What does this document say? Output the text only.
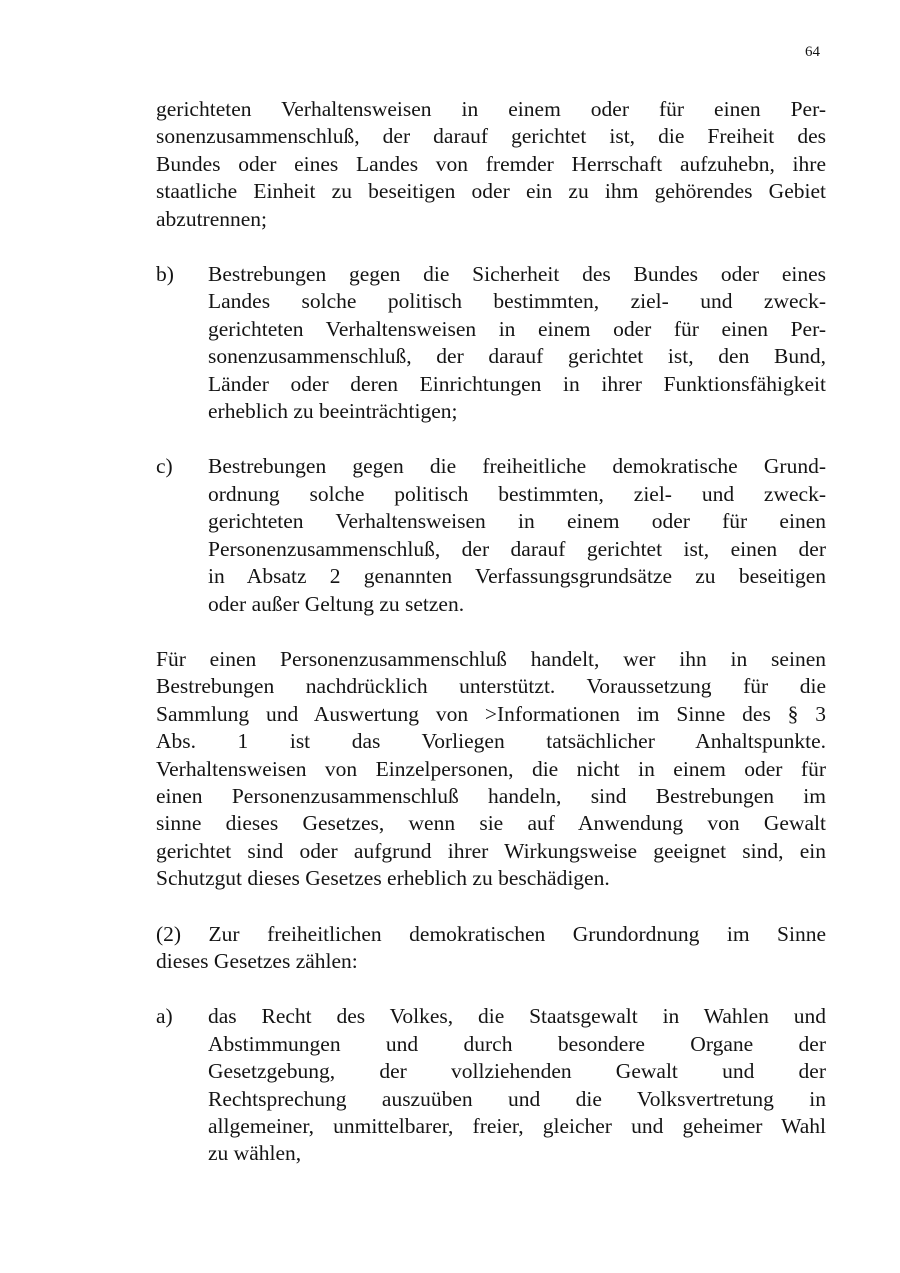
64

gerichteten Verhaltensweisen in einem oder für einen Per-
sonenzusammenschluß, der darauf gerichtet ist, die Freiheit des
Bundes oder eines Landes von fremder Herrschaft aufzuhebn, ihre
staatliche Einheit zu beseitigen oder ein zu ihm gehörendes Gebiet
abzutrennen;

b)	Bestrebungen gegen die Sicherheit des Bundes oder eines
Landes solche politisch bestimmten, ziel- und zweck-
gerichteten Verhaltensweisen in einem oder für einen Per-
sonenzusammenschluß, der darauf gerichtet ist, den Bund,
Länder oder deren Einrichtungen in ihrer Funktionsfähigkeit
erheblich zu beeinträchtigen;
c)	Bestrebungen gegen die freiheitliche demokratische Grund-
ordnung solche politisch bestimmten, ziel- und zweck-
gerichteten Verhaltensweisen in einem oder für einen
Personenzusammenschluß, der darauf gerichtet ist, einen der
in Absatz 2 genannten Verfassungsgrundsätze zu beseitigen
oder außer Geltung zu setzen.

Für einen Personenzusammenschluß handelt, wer ihn in seinen
Bestrebungen nachdrücklich unterstützt. Voraussetzung für die
Sammlung und Auswertung von >Informationen im Sinne des § 3
Abs. 1 ist das Vorliegen tatsächlicher Anhaltspunkte.
Verhaltensweisen von Einzelpersonen, die nicht in einem oder für
einen Personenzusammenschluß handeln, sind Bestrebungen im
sinne dieses Gesetzes, wenn sie auf Anwendung von Gewalt
gerichtet sind oder aufgrund ihrer Wirkungsweise geeignet sind, ein
Schutzgut dieses Gesetzes erheblich zu beschädigen.

(2) Zur freiheitlichen demokratischen Grundordnung im Sinne
dieses Gesetzes zählen:

a)	das Recht des Volkes, die Staatsgewalt in Wahlen und
Abstimmungen und durch besondere Organe der
Gesetzgebung, der vollziehenden Gewalt und der
Rechtsprechung auszuüben und die Volksvertretung in
allgemeiner, unmittelbarer, freier, gleicher und geheimer Wahl
zu wählen,
